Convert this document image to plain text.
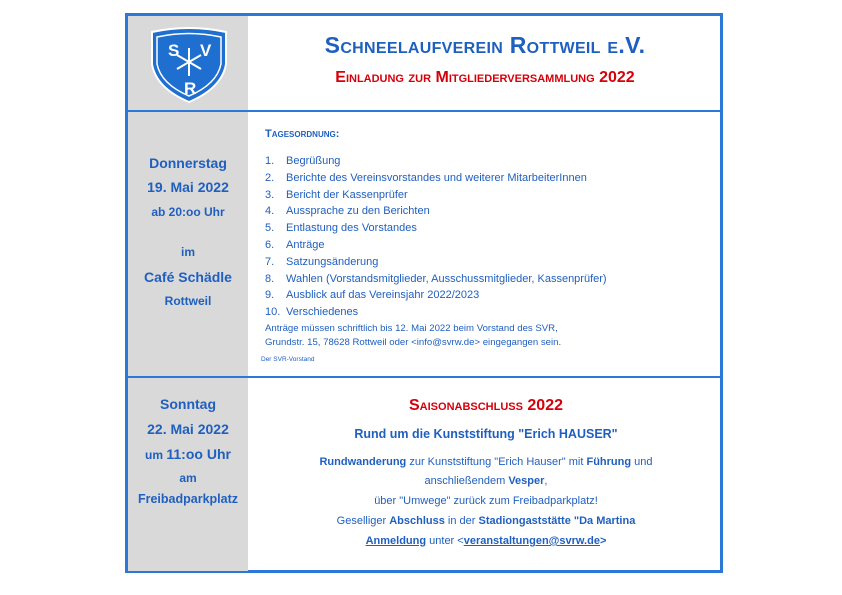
S V
R
Schneelaufverein Rottweil e.V.
Einladung zur Mitgliederversammlung 2022
Donnerstag
19. Mai 2022
ab 20:oo Uhr
im
Café Schädle
Rottweil
Tagesordnung:
1. Begrüßung
2. Berichte des Vereinsvorstandes und weiterer MitarbeiterInnen
3. Bericht der Kassenprüfer
4. Aussprache zu den Berichten
5. Entlastung des Vorstandes
6. Anträge
7. Satzungsänderung
8. Wahlen (Vorstandsmitglieder, Ausschussmitglieder, Kassenprüfer)
9. Ausblick auf das Vereinsjahr 2022/2023
10. Verschiedenes
Anträge müssen schriftlich bis 12. Mai 2022 beim Vorstand des SVR,
Grundstr. 15, 78628 Rottweil oder <info@svrw.de> eingegangen sein.
Der SVR-Vorstand
Sonntag
22. Mai 2022
um 11:oo Uhr
am
Freibadparkplatz
Saisonabschluss 2022
Rund um die Kunststiftung "Erich HAUSER"
Rundwanderung zur Kunststiftung "Erich Hauser" mit Führung und
anschließendem Vesper,
über "Umwege" zurück zum Freibadparkplatz!
Geselliger Abschluss in der Stadiongaststätte "Da Martina
Anmeldung unter <veranstaltungen@svrw.de>
